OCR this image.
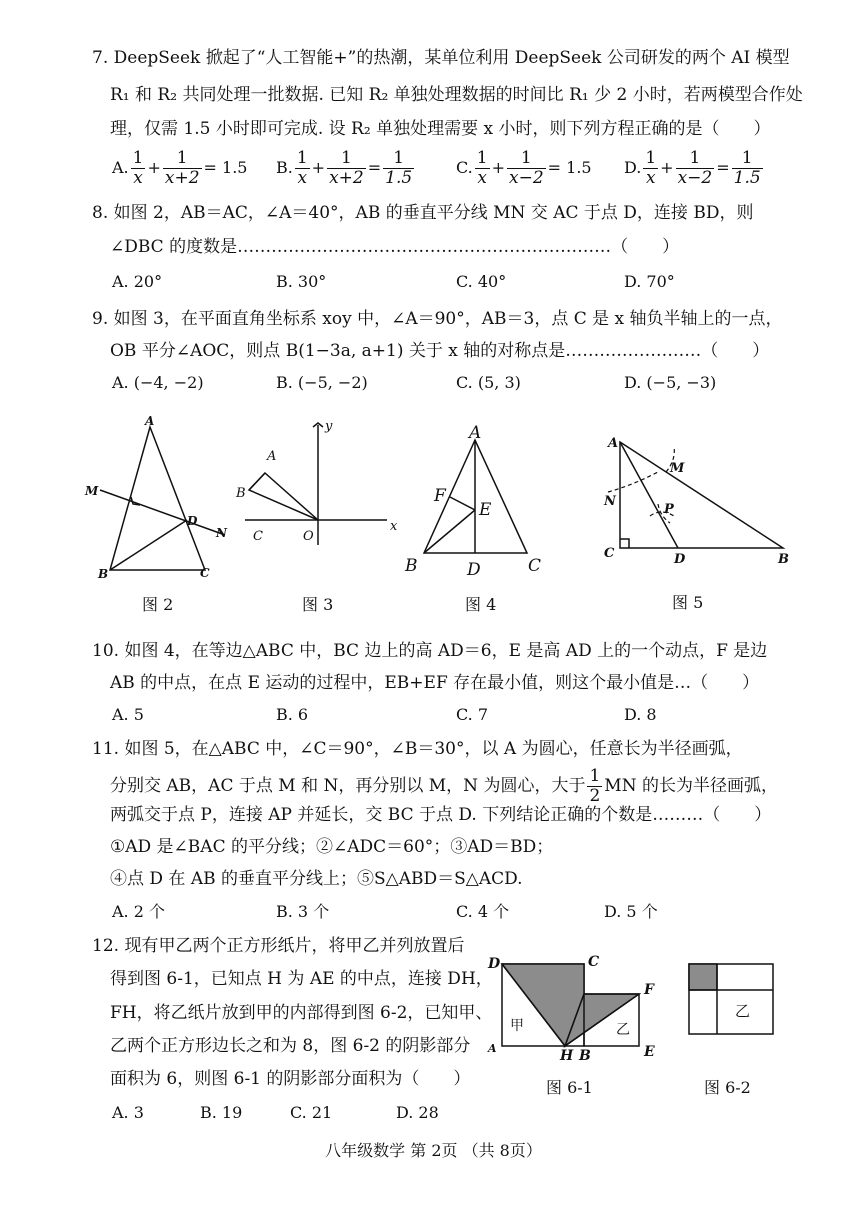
7. DeepSeek 掀起了“人工智能+”的热潮，某单位利用 DeepSeek 公司研发的两个 AI 模型
R₁ 和 R₂ 共同处理一批数据. 已知 R₂ 单独处理数据的时间比 R₁ 少 2 小时，若两模型合作处
理，仅需 1.5 小时即可完成. 设 R₂ 单独处理需要 x 小时，则下列方程正确的是（　　）
A. $\frac{1}{x} + \frac{1}{x+2} = 1.5$ B. $\frac{1}{x} + \frac{1}{x+2} = \frac{1}{1.5}$	C. $\frac{1}{x} + \frac{1}{x-2} = 1.5$ D. $\frac{1}{x} + \frac{1}{x-2} = \frac{1}{1.5}$
8. 如图 2，AB＝AC，∠A＝40°，AB 的垂直平分线 MN 交 AC 于点 D，连接 BD，则
∠DBC 的度数是…………………………………………………………（　　）
A. 20°	B. 30°	C. 40°	D. 70°
9. 如图 3，在平面直角坐标系 xoy 中，∠A＝90°，AB＝3，点 C 是 x 轴负半轴上的一点，
OB 平分∠AOC，则点 B(1−3a, a+1) 关于 x 轴的对称点是……………………（　　）
A. (−4, −2)	B. (−5, −2)	C. (5, 3)	D. (−5, −3)
A
M
D
N
B	C
图 2
y
A
B
C	O
x
图 3
A
F
E
B	D	C
图 4
A
M
N
P
C	D	B
图 5
10. 如图 4，在等边△ABC 中，BC 边上的高 AD＝6，E 是高 AD 上的一个动点，F 是边
AB 的中点，在点 E 运动的过程中，EB+EF 存在最小值，则这个最小值是…（　　）
A. 5	B. 6	C. 7	D. 8
11. 如图 5，在△ABC 中，∠C＝90°，∠B＝30°，以 A 为圆心，任意长为半径画弧，
分别交 AB，AC 于点 M 和 N，再分别以 M，N 为圆心，大于 $\frac{1}{2}$ MN 的长为半径画弧，
两弧交于点 P，连接 AP 并延长，交 BC 于点 D. 下列结论正确的个数是………（　　）
①AD 是∠BAC 的平分线；②∠ADC＝60°；③AD＝BD；
④点 D 在 AB 的垂直平分线上；⑤S△ABD＝S△ACD.
A. 2 个	B. 3 个	C. 4 个	D. 5 个
12. 现有甲乙两个正方形纸片，将甲乙并列放置后
得到图 6-1，已知点 H 为 AE 的中点，连接 DH，
FH，将乙纸片放到甲的内部得到图 6-2，已知甲、
乙两个正方形边长之和为 8，图 6-2 的阴影部分
面积为 6，则图 6-1 的阴影部分面积为（　　）
A. 3	B. 19	C. 21	D. 28
D	C
F
甲	乙
A	H B	E
图 6-1
乙
图 6-2
八年级数学 第 2页 （共 8页）
